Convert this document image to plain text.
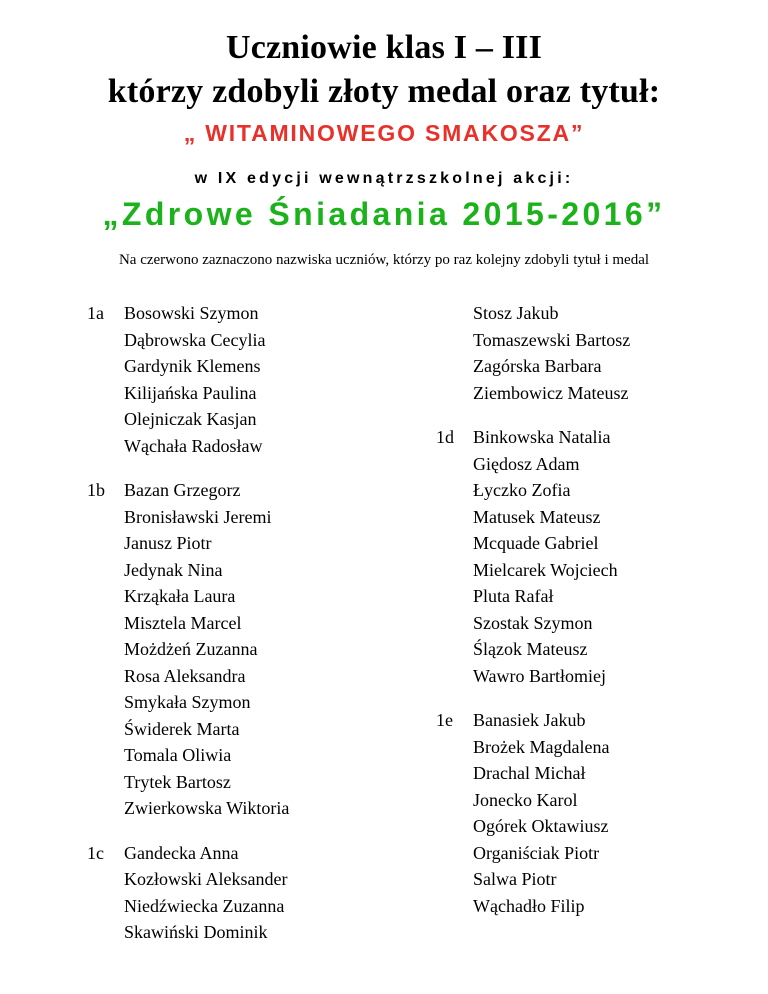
Uczniowie klas I – III
którzy zdobyli złoty medal oraz tytuł:
„ WITAMINOWEGO SMAKOSZA”
w IX edycji wewnątrzszkolnej akcji:
„Zdrowe Śniadania 2015-2016”
Na czerwono zaznaczono nazwiska uczniów, którzy po raz kolejny zdobyli tytuł i medal
1a	Bosowski Szymon
Dąbrowska Cecylia
Gardynik Klemens
Kilijańska Paulina
Olejniczak Kasjan
Wąchała Radosław
1b	Bazan Grzegorz
Bronisławski Jeremi
Janusz Piotr
Jedynak Nina
Krząkała Laura
Misztela Marcel
Możdżeń Zuzanna
Rosa Aleksandra
Smykała Szymon
Świderek Marta
Tomala Oliwia
Trytek Bartosz
Zwierkowska Wiktoria
1c	Gandecka Anna
Kozłowski Aleksander
Niedźwiecka Zuzanna
Skawiński Dominik
Stosz Jakub
Tomaszewski Bartosz
Zagórska Barbara
Ziembowicz Mateusz
1d	Binkowska Natalia
Giędosz Adam
Łyczko Zofia
Matusek Mateusz
Mcquade Gabriel
Mielcarek Wojciech
Pluta Rafał
Szostak Szymon
Ślązok Mateusz
Wawro Bartłomiej
1e	Banasiek Jakub
Brożek Magdalena
Drachal Michał
Jonecko Karol
Ogórek Oktawiusz
Organiściak Piotr
Salwa Piotr
Wąchadło Filip
